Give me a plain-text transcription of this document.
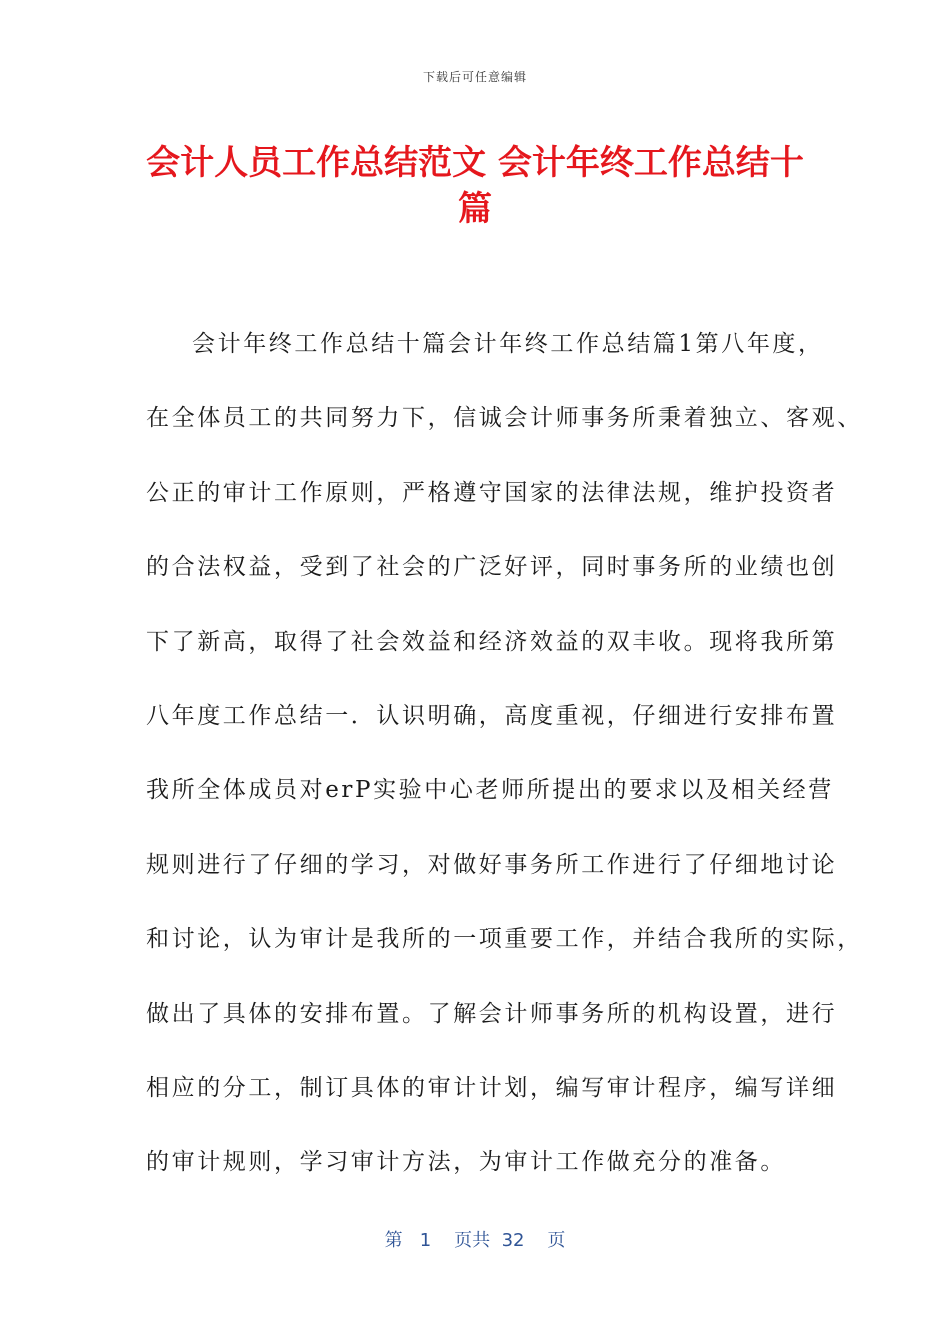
下载后可任意编辑
会计人员工作总结范文 会计年终工作总结十
篇
会计年终工作总结十篇会计年终工作总结篇1第八年度，
在全体员工的共同努力下，信诚会计师事务所秉着独立、客观、
公正的审计工作原则，严格遵守国家的法律法规，维护投资者
的合法权益，受到了社会的广泛好评，同时事务所的业绩也创
下了新高，取得了社会效益和经济效益的双丰收。现将我所第
八年度工作总结一．认识明确，高度重视，仔细进行安排布置
我所全体成员对erP实验中心老师所提出的要求以及相关经营
规则进行了仔细的学习，对做好事务所工作进行了仔细地讨论
和讨论，认为审计是我所的一项重要工作，并结合我所的实际，
做出了具体的安排布置。了解会计师事务所的机构设置，进行
相应的分工，制订具体的审计计划，编写审计程序，编写详细
的审计规则，学习审计方法，为审计工作做充分的准备。
第 1 页共 32 页
